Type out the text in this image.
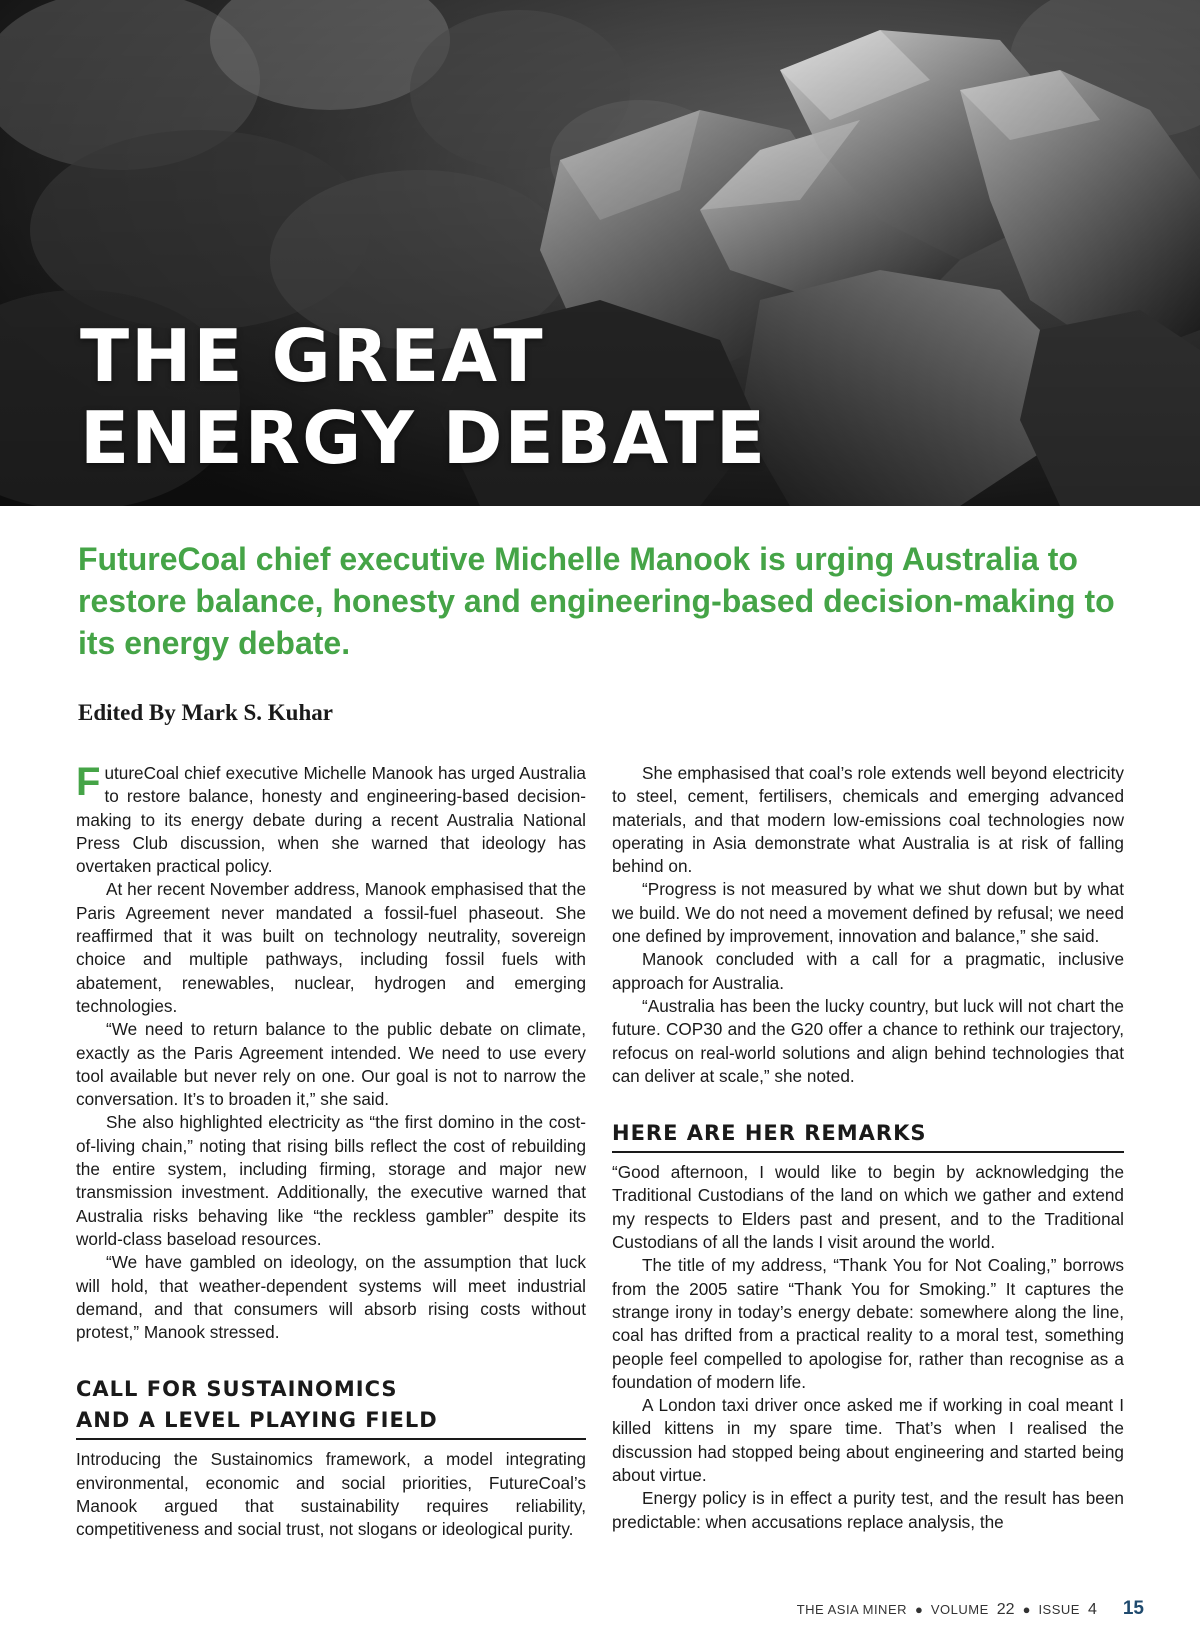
THE GREAT
ENERGY DEBATE
FutureCoal chief executive Michelle Manook is urging Australia to restore balance, honesty and engineering-based decision-making to its energy debate.
Edited By Mark S. Kuhar

FutureCoal chief executive Michelle Manook has urged Australia to restore balance, honesty and engineering-based decision-making to its energy debate during a recent Australia National Press Club discussion, when she warned that ideology has overtaken practical policy.

At her recent November address, Manook emphasised that the Paris Agreement never mandated a fossil-fuel phaseout. She reaffirmed that it was built on technology neutrality, sovereign choice and multiple pathways, including fossil fuels with abatement, renewables, nuclear, hydrogen and emerging technologies.

“We need to return balance to the public debate on climate, exactly as the Paris Agreement intended. We need to use every tool available but never rely on one. Our goal is not to narrow the conversation. It’s to broaden it,” she said.

She also highlighted electricity as “the first domino in the cost-of-living chain,” noting that rising bills reflect the cost of rebuilding the entire system, including firming, storage and major new transmission investment. Additionally, the executive warned that Australia risks behaving like “the reckless gambler” despite its world-class baseload resources.

“We have gambled on ideology, on the assumption that luck will hold, that weather-dependent systems will meet industrial demand, and that consumers will absorb rising costs without protest,” Manook stressed.

CALL FOR SUSTAINOMICS
AND A LEVEL PLAYING FIELD

Introducing the Sustainomics framework, a model integrating environmental, economic and social priorities, FutureCoal’s Manook argued that sustainability requires reliability, competitiveness and social trust, not slogans or ideological purity.

She emphasised that coal’s role extends well beyond electricity to steel, cement, fertilisers, chemicals and emerging advanced materials, and that modern low-emissions coal technologies now operating in Asia demonstrate what Australia is at risk of falling behind on.

“Progress is not measured by what we shut down but by what we build. We do not need a movement defined by refusal; we need one defined by improvement, innovation and balance,” she said.

Manook concluded with a call for a pragmatic, inclusive approach for Australia.

“Australia has been the lucky country, but luck will not chart the future. COP30 and the G20 offer a chance to rethink our trajectory, refocus on real-world solutions and align behind technologies that can deliver at scale,” she noted.

HERE ARE HER REMARKS

“Good afternoon, I would like to begin by acknowledging the Traditional Custodians of the land on which we gather and extend my respects to Elders past and present, and to the Traditional Custodians of all the lands I visit around the world.

The title of my address, “Thank You for Not Coaling,” borrows from the 2005 satire “Thank You for Smoking.” It captures the strange irony in today’s energy debate: somewhere along the line, coal has drifted from a practical reality to a moral test, something people feel compelled to apologise for, rather than recognise as a foundation of modern life.

A London taxi driver once asked me if working in coal meant I killed kittens in my spare time. That’s when I realised the discussion had stopped being about engineering and started being about virtue.

Energy policy is in effect a purity test, and the result has been predictable: when accusations replace analysis, the

THE ASIA MINER ● VOLUME 22 ● ISSUE 4 15
